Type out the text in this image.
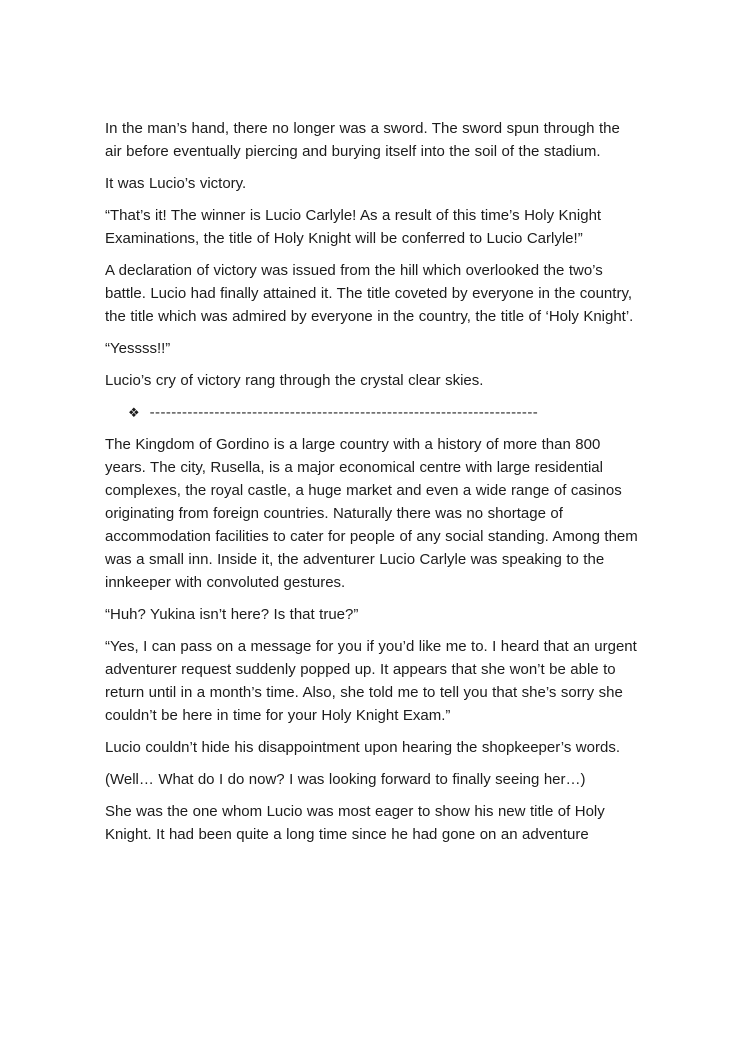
In the man’s hand, there no longer was a sword. The sword spun through the air before eventually piercing and burying itself into the soil of the stadium.

It was Lucio’s victory.

“That’s it! The winner is Lucio Carlyle! As a result of this time’s Holy Knight Examinations, the title of Holy Knight will be conferred to Lucio Carlyle!”

A declaration of victory was issued from the hill which overlooked the two’s battle. Lucio had finally attained it. The title coveted by everyone in the country, the title which was admired by everyone in the country, the title of ‘Holy Knight’.

“Yessss!!”

Lucio’s cry of victory rang through the crystal clear skies.

❖ ------------------------------------------------------------------------

The Kingdom of Gordino is a large country with a history of more than 800 years. The city, Rusella, is a major economical centre with large residential complexes, the royal castle, a huge market and even a wide range of casinos originating from foreign countries. Naturally there was no shortage of accommodation facilities to cater for people of any social standing. Among them was a small inn. Inside it, the adventurer Lucio Carlyle was speaking to the innkeeper with convoluted gestures.

“Huh? Yukina isn’t here? Is that true?”

“Yes, I can pass on a message for you if you’d like me to. I heard that an urgent adventurer request suddenly popped up. It appears that she won’t be able to return until in a month’s time. Also, she told me to tell you that she’s sorry she couldn’t be here in time for your Holy Knight Exam.”

Lucio couldn’t hide his disappointment upon hearing the shopkeeper’s words.

(Well… What do I do now? I was looking forward to finally seeing her…)

She was the one whom Lucio was most eager to show his new title of Holy Knight. It had been quite a long time since he had gone on an adventure
